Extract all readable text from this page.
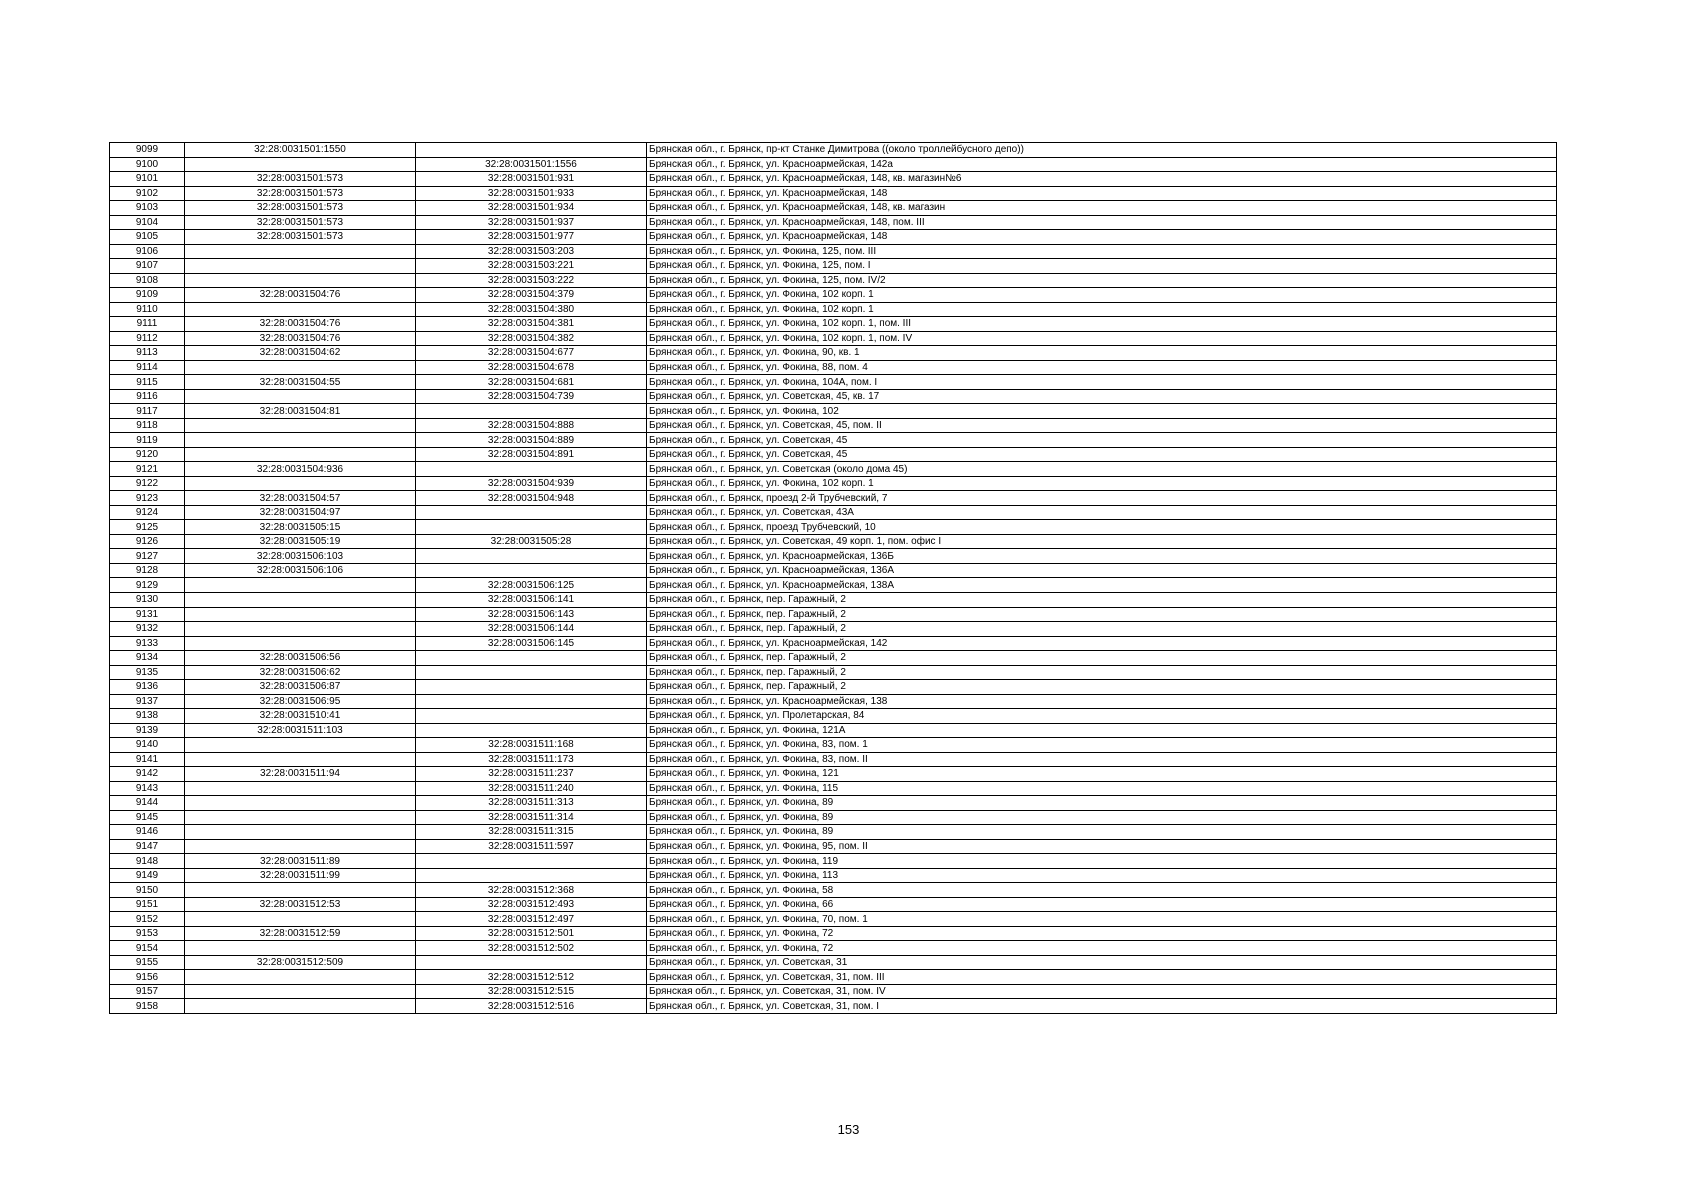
9099	32:28:0031501:1550		Брянская обл., г. Брянск, пр-кт Станке Димитрова ((около троллейбусного депо))
9100		32:28:0031501:1556	Брянская обл., г. Брянск, ул. Красноармейская, 142а
9101	32:28:0031501:573	32:28:0031501:931	Брянская обл., г. Брянск, ул. Красноармейская, 148, кв. магазин№6
9102	32:28:0031501:573	32:28:0031501:933	Брянская обл., г. Брянск, ул. Красноармейская, 148
9103	32:28:0031501:573	32:28:0031501:934	Брянская обл., г. Брянск, ул. Красноармейская, 148, кв. магазин
9104	32:28:0031501:573	32:28:0031501:937	Брянская обл., г. Брянск, ул. Красноармейская, 148, пом. III
9105	32:28:0031501:573	32:28:0031501:977	Брянская обл., г. Брянск, ул. Красноармейская, 148
9106		32:28:0031503:203	Брянская обл., г. Брянск, ул. Фокина, 125, пом. III
9107		32:28:0031503:221	Брянская обл., г. Брянск, ул. Фокина, 125, пом. I
9108		32:28:0031503:222	Брянская обл., г. Брянск, ул. Фокина, 125, пом. IV/2
9109	32:28:0031504:76	32:28:0031504:379	Брянская обл., г. Брянск, ул. Фокина, 102 корп. 1
9110		32:28:0031504:380	Брянская обл., г. Брянск, ул. Фокина, 102 корп. 1
9111	32:28:0031504:76	32:28:0031504:381	Брянская обл., г. Брянск, ул. Фокина, 102 корп. 1, пом. III
9112	32:28:0031504:76	32:28:0031504:382	Брянская обл., г. Брянск, ул. Фокина, 102 корп. 1, пом. IV
9113	32:28:0031504:62	32:28:0031504:677	Брянская обл., г. Брянск, ул. Фокина, 90, кв. 1
9114		32:28:0031504:678	Брянская обл., г. Брянск, ул. Фокина, 88, пом. 4
9115	32:28:0031504:55	32:28:0031504:681	Брянская обл., г. Брянск, ул. Фокина, 104А, пом. I
9116		32:28:0031504:739	Брянская обл., г. Брянск, ул. Советская, 45, кв. 17
9117	32:28:0031504:81		Брянская обл., г. Брянск, ул. Фокина, 102
9118		32:28:0031504:888	Брянская обл., г. Брянск, ул. Советская, 45, пом. II
9119		32:28:0031504:889	Брянская обл., г. Брянск, ул. Советская, 45
9120		32:28:0031504:891	Брянская обл., г. Брянск, ул. Советская, 45
9121	32:28:0031504:936		Брянская обл., г. Брянск, ул. Советская (около дома 45)
9122		32:28:0031504:939	Брянская обл., г. Брянск, ул. Фокина, 102 корп. 1
9123	32:28:0031504:57	32:28:0031504:948	Брянская обл., г. Брянск, проезд 2-й Трубчевский, 7
9124	32:28:0031504:97		Брянская обл., г. Брянск, ул. Советская, 43А
9125	32:28:0031505:15		Брянская обл., г. Брянск, проезд Трубчевский, 10
9126	32:28:0031505:19	32:28:0031505:28	Брянская обл., г. Брянск, ул. Советская, 49 корп. 1, пом. офис I
9127	32:28:0031506:103		Брянская обл., г. Брянск, ул. Красноармейская, 136Б
9128	32:28:0031506:106		Брянская обл., г. Брянск, ул. Красноармейская, 136А
9129		32:28:0031506:125	Брянская обл., г. Брянск, ул. Красноармейская, 138А
9130		32:28:0031506:141	Брянская обл., г. Брянск, пер. Гаражный, 2
9131		32:28:0031506:143	Брянская обл., г. Брянск, пер. Гаражный, 2
9132		32:28:0031506:144	Брянская обл., г. Брянск, пер. Гаражный, 2
9133		32:28:0031506:145	Брянская обл., г. Брянск, ул. Красноармейская, 142
9134	32:28:0031506:56		Брянская обл., г. Брянск, пер. Гаражный, 2
9135	32:28:0031506:62		Брянская обл., г. Брянск, пер. Гаражный, 2
9136	32:28:0031506:87		Брянская обл., г. Брянск, пер. Гаражный, 2
9137	32:28:0031506:95		Брянская обл., г. Брянск, ул. Красноармейская, 138
9138	32:28:0031510:41		Брянская обл., г. Брянск, ул. Пролетарская, 84
9139	32:28:0031511:103		Брянская обл., г. Брянск, ул. Фокина, 121А
9140		32:28:0031511:168	Брянская обл., г. Брянск, ул. Фокина, 83, пом. 1
9141		32:28:0031511:173	Брянская обл., г. Брянск, ул. Фокина, 83, пом. II
9142	32:28:0031511:94	32:28:0031511:237	Брянская обл., г. Брянск, ул. Фокина, 121
9143		32:28:0031511:240	Брянская обл., г. Брянск, ул. Фокина, 115
9144		32:28:0031511:313	Брянская обл., г. Брянск, ул. Фокина, 89
9145		32:28:0031511:314	Брянская обл., г. Брянск, ул. Фокина, 89
9146		32:28:0031511:315	Брянская обл., г. Брянск, ул. Фокина, 89
9147		32:28:0031511:597	Брянская обл., г. Брянск, ул. Фокина, 95, пом. II
9148	32:28:0031511:89		Брянская обл., г. Брянск, ул. Фокина, 119
9149	32:28:0031511:99		Брянская обл., г. Брянск, ул. Фокина, 113
9150		32:28:0031512:368	Брянская обл., г. Брянск, ул. Фокина, 58
9151	32:28:0031512:53	32:28:0031512:493	Брянская обл., г. Брянск, ул. Фокина, 66
9152		32:28:0031512:497	Брянская обл., г. Брянск, ул. Фокина, 70, пом. 1
9153	32:28:0031512:59	32:28:0031512:501	Брянская обл., г. Брянск, ул. Фокина, 72
9154		32:28:0031512:502	Брянская обл., г. Брянск, ул. Фокина, 72
9155	32:28:0031512:509		Брянская обл., г. Брянск, ул. Советская, 31
9156		32:28:0031512:512	Брянская обл., г. Брянск, ул. Советская, 31, пом. III
9157		32:28:0031512:515	Брянская обл., г. Брянск, ул. Советская, 31, пом. IV
9158		32:28:0031512:516	Брянская обл., г. Брянск, ул. Советская, 31, пом. I
153
